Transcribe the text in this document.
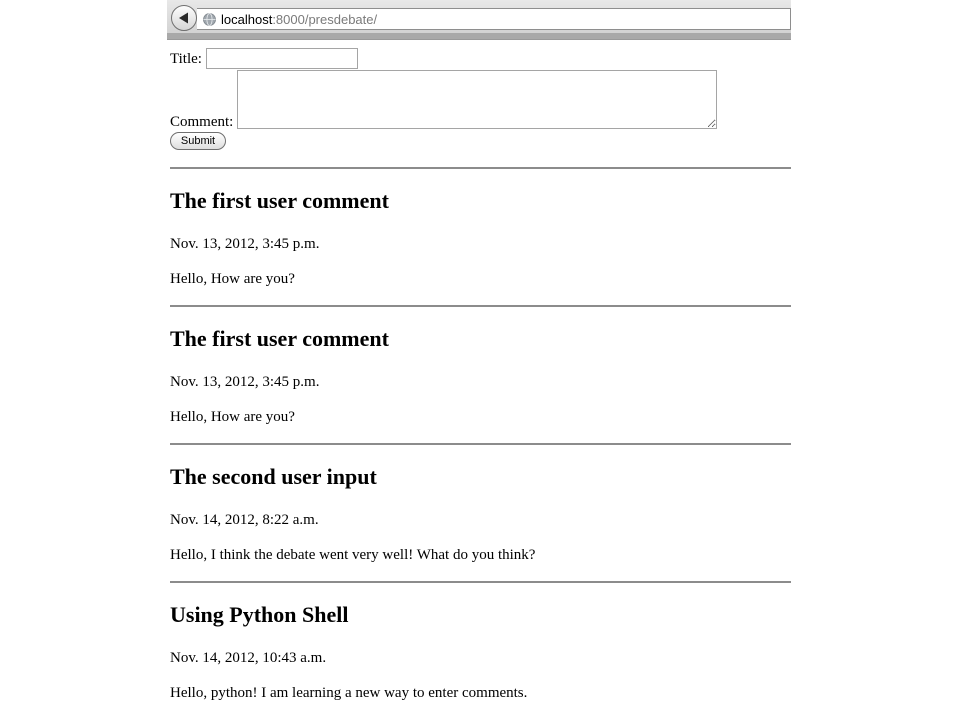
localhost :8000/presdebate/
Title:
Comment:
Submit
The first user comment

Nov. 13, 2012, 3:45 p.m.

Hello, How are you?

The first user comment

Nov. 13, 2012, 3:45 p.m.

Hello, How are you?

The second user input

Nov. 14, 2012, 8:22 a.m.

Hello, I think the debate went very well! What do you think?

Using Python Shell

Nov. 14, 2012, 10:43 a.m.

Hello, python! I am learning a new way to enter comments.
